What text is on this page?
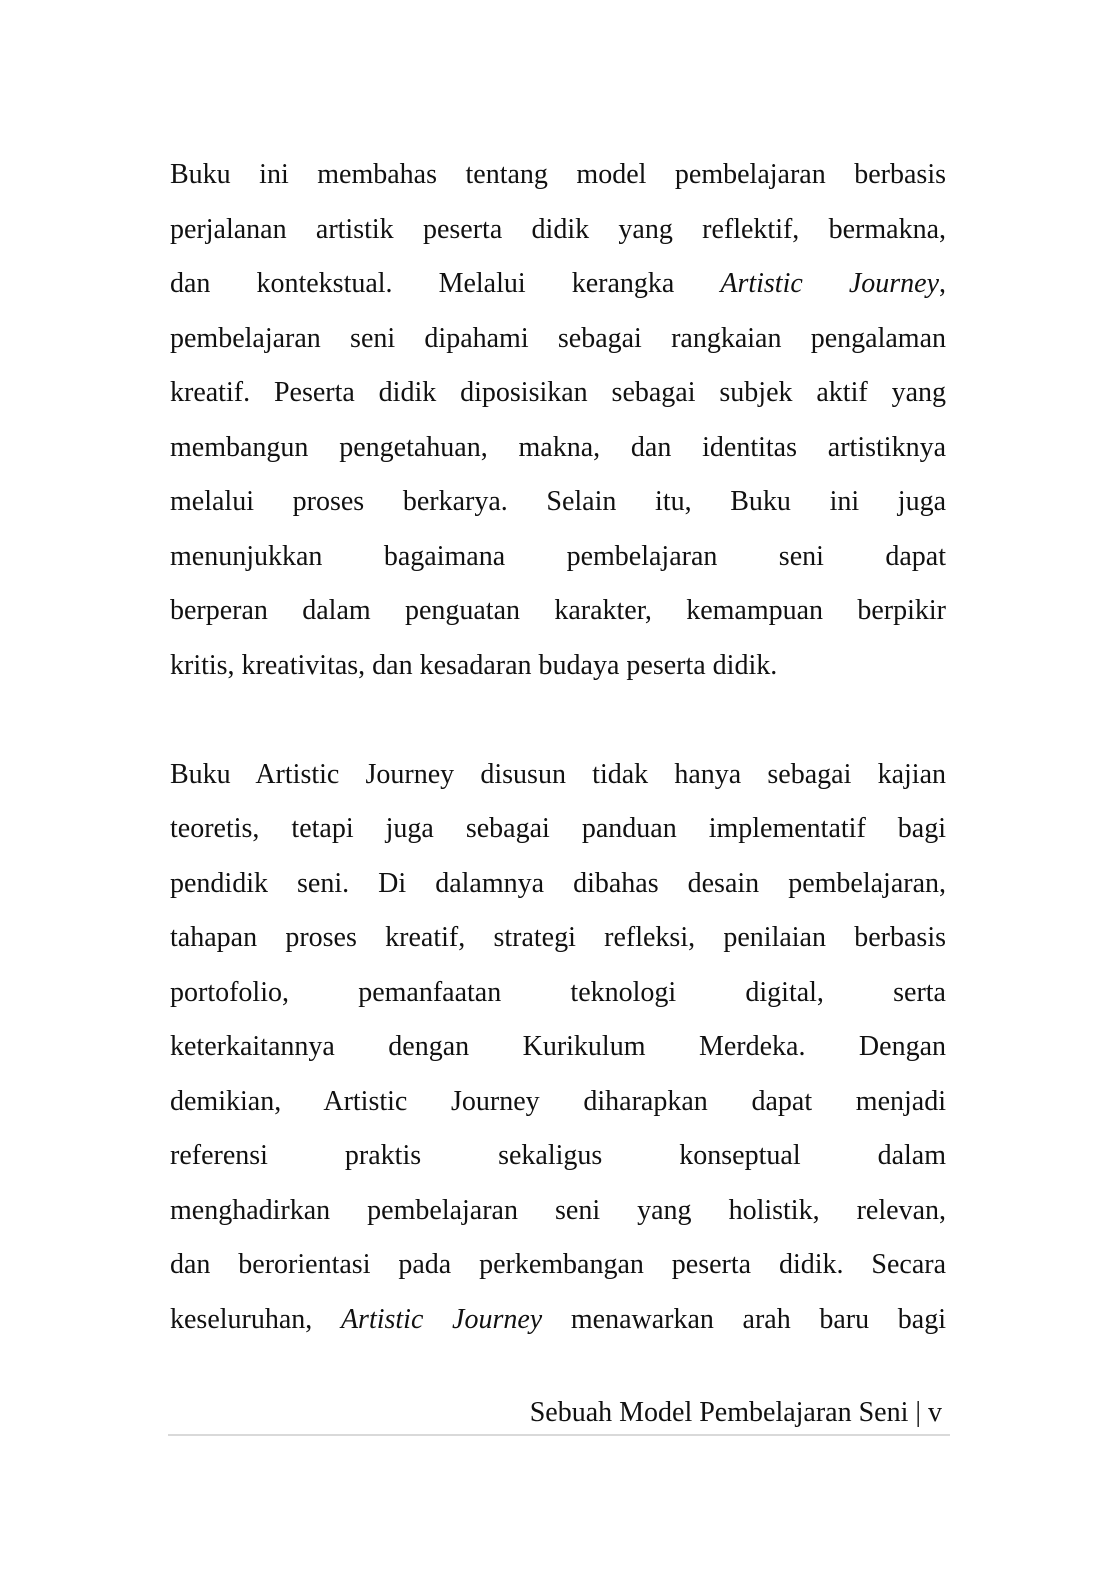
Buku ini membahas tentang model pembelajaran berbasis
perjalanan artistik peserta didik yang reflektif, bermakna,
dan kontekstual. Melalui kerangka Artistic Journey,
pembelajaran seni dipahami sebagai rangkaian pengalaman
kreatif. Peserta didik diposisikan sebagai subjek aktif yang
membangun pengetahuan, makna, dan identitas artistiknya
melalui proses berkarya. Selain itu, Buku ini juga
menunjukkan bagaimana pembelajaran seni dapat
berperan dalam penguatan karakter, kemampuan berpikir
kritis, kreativitas, dan kesadaran budaya peserta didik.
Buku Artistic Journey disusun tidak hanya sebagai kajian
teoretis, tetapi juga sebagai panduan implementatif bagi
pendidik seni. Di dalamnya dibahas desain pembelajaran,
tahapan proses kreatif, strategi refleksi, penilaian berbasis
portofolio, pemanfaatan teknologi digital, serta
keterkaitannya dengan Kurikulum Merdeka. Dengan
demikian, Artistic Journey diharapkan dapat menjadi
referensi praktis sekaligus konseptual dalam
menghadirkan pembelajaran seni yang holistik, relevan,
dan berorientasi pada perkembangan peserta didik. Secara
keseluruhan, Artistic Journey menawarkan arah baru bagi
Sebuah Model Pembelajaran Seni | v
